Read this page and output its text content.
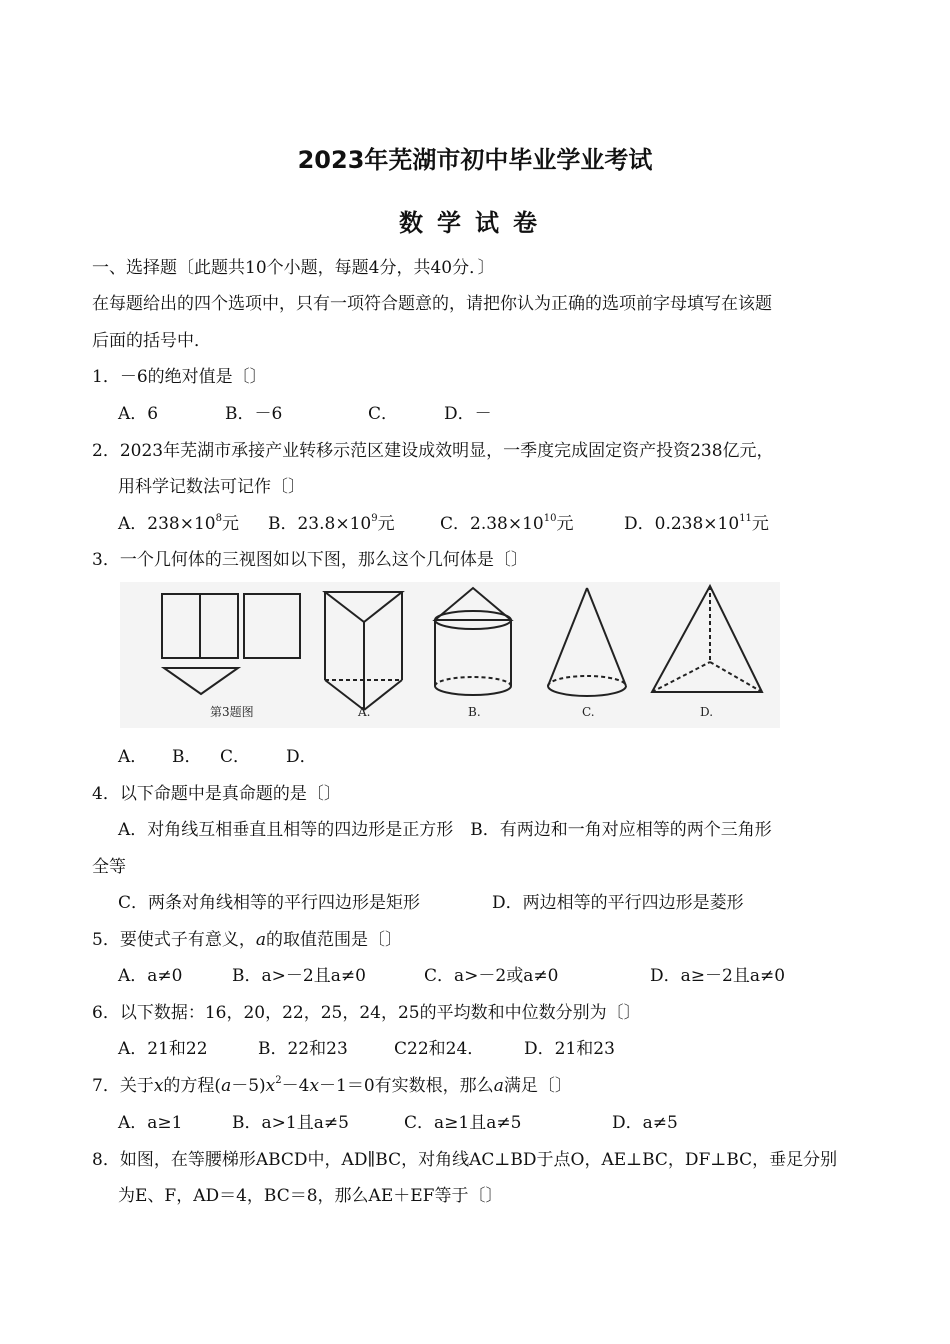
2023年芜湖市初中毕业学业考试
数学试卷
一、选择题〔此题共10个小题，每题4分，共40分．〕
在每题给出的四个选项中，只有一项符合题意的，请把你认为正确的选项前字母填写在该题
后面的括号中．
1．－6的绝对值是〔〕
A．6	B．－6	C．	D．－
2．2023年芜湖市承接产业转移示范区建设成效明显，一季度完成固定资产投资238亿元，
用科学记数法可记作〔〕
A．$238\times 10^8$元 B．$23.8\times 10^9$元	C．$2.38\times 10^{10}$元	D．$0.238\times 10^{11}$元
3．一个几何体的三视图如以下图，那么这个几何体是〔〕
第3题图	A.	B.	C.	D.
A． B． C． D．
4．以下命题中是真命题的是〔〕
A．对角线互相垂直且相等的四边形是正方形　B．有两边和一角对应相等的两个三角形
全等
C．两条对角线相等的平行四边形是矩形	D．两边相等的平行四边形是菱形
5．要使式子有意义，a的取值范围是〔〕
A．a≠0	B．a>－2且a≠0	C．a>－2或a≠0	D．a≥－2且a≠0
6．以下数据：16，20，22，25，24，25的平均数和中位数分别为〔〕
A．21和22	B．22和23	C22和24． D．21和23
7．关于x的方程$(a-5)x^2-4x-1=0$有实数根，那么a满足〔〕
A．a≥1	B．a>1且a≠5	C．a≥1且a≠5	D．a≠5
8．如图，在等腰梯形ABCD中，AD∥BC，对角线AC⊥BD于点O，AE⊥BC，DF⊥BC，垂足分别
为E、F，AD＝4，BC＝8，那么AE＋EF等于〔〕
